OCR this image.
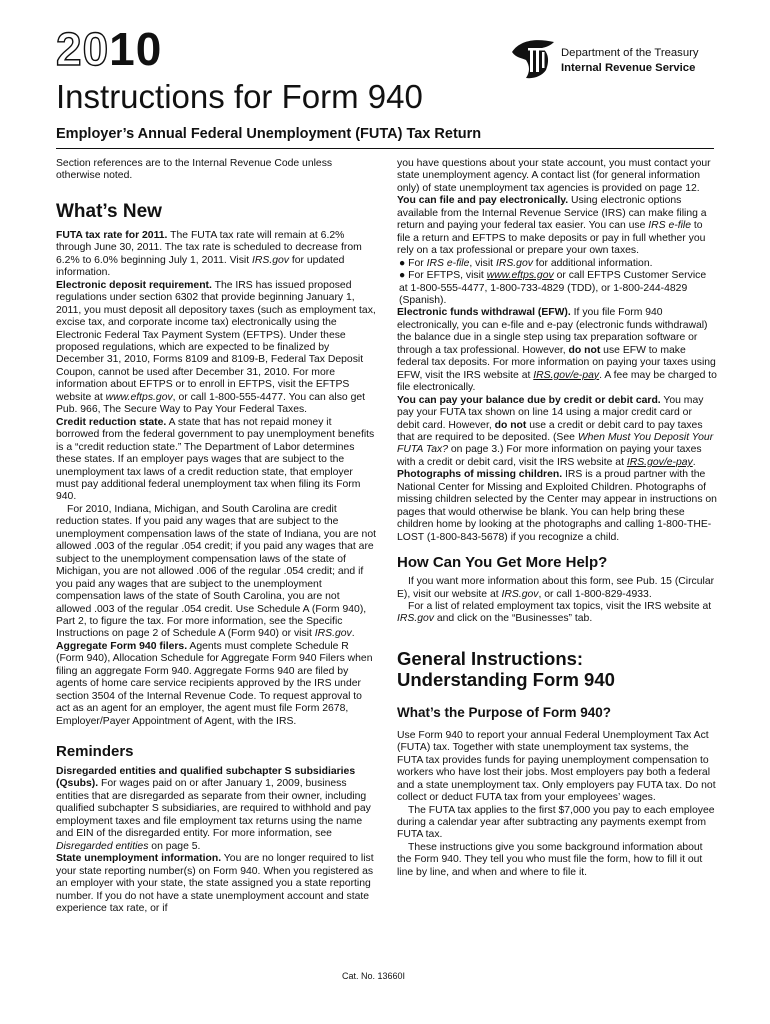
2010
Instructions for Form 940
Employer’s Annual Federal Unemployment (FUTA) Tax Return
Department of the Treasury
Internal Revenue Service

Section references are to the Internal Revenue Code unless otherwise noted.

What’s New

FUTA tax rate for 2011. The FUTA tax rate will remain at 6.2% through June 30, 2011. The tax rate is scheduled to decrease from 6.2% to 6.0% beginning July 1, 2011. Visit IRS.gov for updated information.

Electronic deposit requirement. The IRS has issued proposed regulations under section 6302 that provide beginning January 1, 2011, you must deposit all depository taxes (such as employment tax, excise tax, and corporate income tax) electronically using the Electronic Federal Tax Payment System (EFTPS). Under these proposed regulations, which are expected to be finalized by December 31, 2010, Forms 8109 and 8109-B, Federal Tax Deposit Coupon, cannot be used after December 31, 2010. For more information about EFTPS or to enroll in EFTPS, visit the EFTPS website at www.eftps.gov, or call 1-800-555-4477. You can also get Pub. 966, The Secure Way to Pay Your Federal Taxes.

Credit reduction state. A state that has not repaid money it borrowed from the federal government to pay unemployment benefits is a “credit reduction state.” The Department of Labor determines these states. If an employer pays wages that are subject to the unemployment tax laws of a credit reduction state, that employer must pay additional federal unemployment tax when filing its Form 940.

For 2010, Indiana, Michigan, and South Carolina are credit reduction states. If you paid any wages that are subject to the unemployment compensation laws of the state of Indiana, you are not allowed .003 of the regular .054 credit; if you paid any wages that are subject to the unemployment compensation laws of the state of Michigan, you are not allowed .006 of the regular .054 credit; and if you paid any wages that are subject to the unemployment compensation laws of the state of South Carolina, you are not allowed .003 of the regular .054 credit. Use Schedule A (Form 940), Part 2, to figure the tax. For more information, see the Specific Instructions on page 2 of Schedule A (Form 940) or visit IRS.gov.

Aggregate Form 940 filers. Agents must complete Schedule R (Form 940), Allocation Schedule for Aggregate Form 940 Filers when filing an aggregate Form 940. Aggregate Forms 940 are filed by agents of home care service recipients approved by the IRS under section 3504 of the Internal Revenue Code. To request approval to act as an agent for an employer, the agent must file Form 2678, Employer/Payer Appointment of Agent, with the IRS.

Reminders

Disregarded entities and qualified subchapter S subsidiaries (Qsubs). For wages paid on or after January 1, 2009, business entities that are disregarded as separate from their owner, including qualified subchapter S subsidiaries, are required to withhold and pay employment taxes and file employment tax returns using the name and EIN of the disregarded entity. For more information, see Disregarded entities on page 5.

State unemployment information. You are no longer required to list your state reporting number(s) on Form 940. When you registered as an employer with your state, the state assigned you a state reporting number. If you do not have a state unemployment account and state experience tax rate, or if

you have questions about your state account, you must contact your state unemployment agency. A contact list (for general information only) of state unemployment tax agencies is provided on page 12.

You can file and pay electronically. Using electronic options available from the Internal Revenue Service (IRS) can make filing a return and paying your federal tax easier. You can use IRS e-file to file a return and EFTPS to make deposits or pay in full whether you rely on a tax professional or prepare your own taxes.

● For IRS e-file, visit IRS.gov for additional information.

● For EFTPS, visit www.eftps.gov or call EFTPS Customer Service at 1-800-555-4477, 1-800-733-4829 (TDD), or 1-800-244-4829 (Spanish).

Electronic funds withdrawal (EFW). If you file Form 940 electronically, you can e-file and e-pay (electronic funds withdrawal) the balance due in a single step using tax preparation software or through a tax professional. However, do not use EFW to make federal tax deposits. For more information on paying your taxes using EFW, visit the IRS website at IRS.gov/e-pay. A fee may be charged to file electronically.

You can pay your balance due by credit or debit card. You may pay your FUTA tax shown on line 14 using a major credit card or debit card. However, do not use a credit or debit card to pay taxes that are required to be deposited. (See When Must You Deposit Your FUTA Tax? on page 3.) For more information on paying your taxes with a credit or debit card, visit the IRS website at IRS.gov/e-pay.

Photographs of missing children. IRS is a proud partner with the National Center for Missing and Exploited Children. Photographs of missing children selected by the Center may appear in instructions on pages that would otherwise be blank. You can help bring these children home by looking at the photographs and calling 1-800-THE-LOST (1-800-843-5678) if you recognize a child.

How Can You Get More Help?

If you want more information about this form, see Pub. 15 (Circular E), visit our website at IRS.gov, or call 1-800-829-4933.

For a list of related employment tax topics, visit the IRS website at IRS.gov and click on the “Businesses” tab.

General Instructions:

Understanding Form 940

What’s the Purpose of Form 940?

Use Form 940 to report your annual Federal Unemployment Tax Act (FUTA) tax. Together with state unemployment tax systems, the FUTA tax provides funds for paying unemployment compensation to workers who have lost their jobs. Most employers pay both a federal and a state unemployment tax. Only employers pay FUTA tax. Do not collect or deduct FUTA tax from your employees’ wages.

The FUTA tax applies to the first $7,000 you pay to each employee during a calendar year after subtracting any payments exempt from FUTA tax.

These instructions give you some background information about the Form 940. They tell you who must file the form, how to fill it out line by line, and when and where to file it.

Cat. No. 13660I
